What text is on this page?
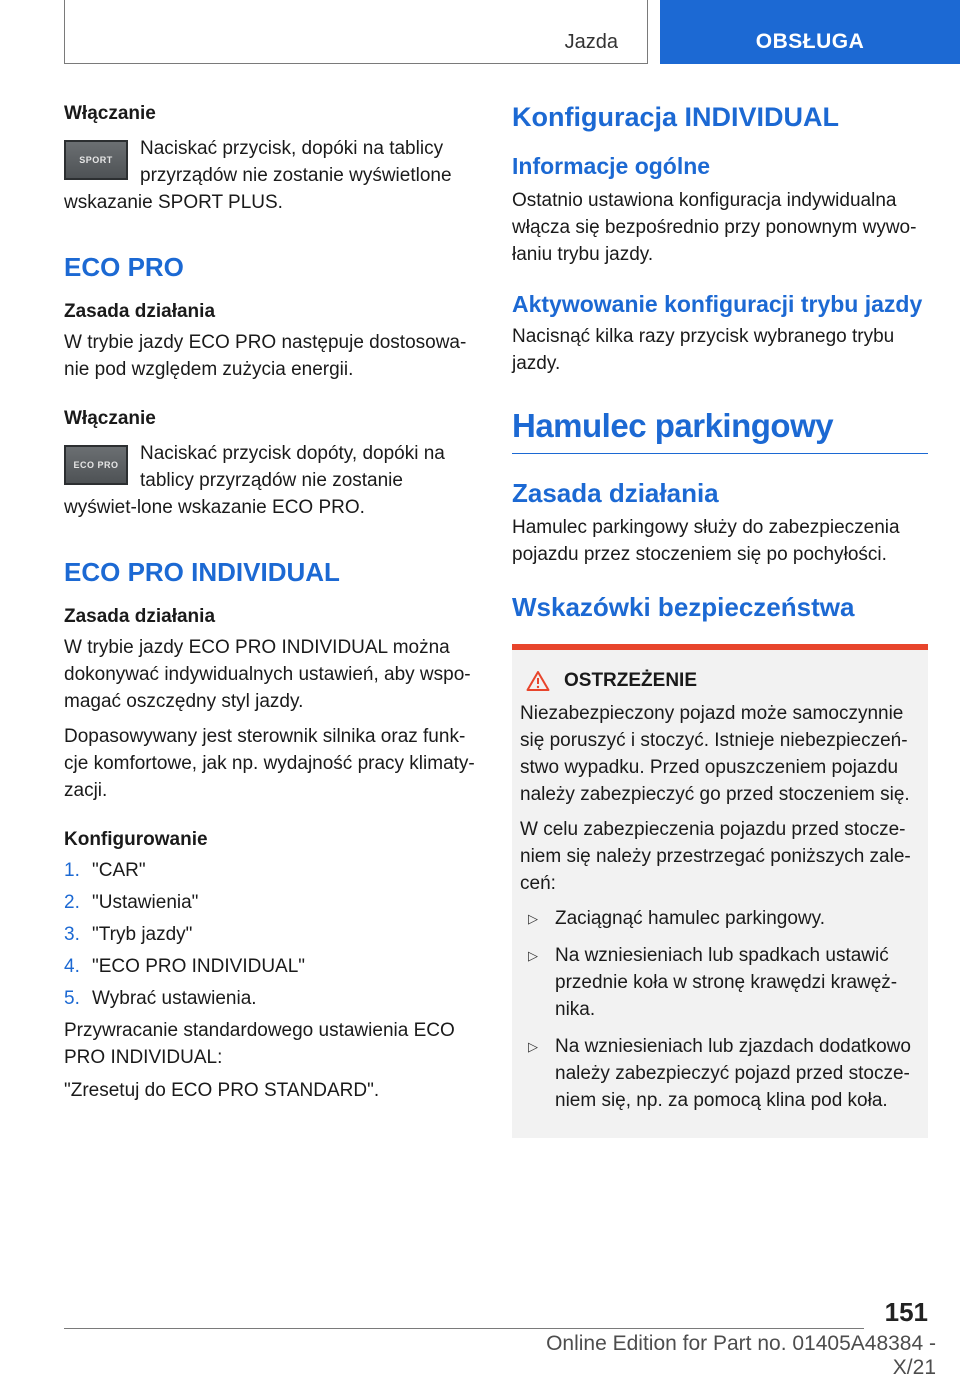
Jazda	OBSŁUGA
Włączanie
SPORT

Naciskać przycisk, dopóki na tablicy przyrządów nie zostanie wyświetlone wskazanie SPORT PLUS.

ECO PRO
Zasada działania

W trybie jazdy ECO PRO następuje dostosowa-nie pod względem zużycia energii.

Włączanie
ECO PRO

Naciskać przycisk dopóty, dopóki na tablicy przyrządów nie zostanie wyświet-lone wskazanie ECO PRO.

ECO PRO INDIVIDUAL
Zasada działania

W trybie jazdy ECO PRO INDIVIDUAL można dokonywać indywidualnych ustawień, aby wspo-magać oszczędny styl jazdy.

Dopasowywany jest sterownik silnika oraz funk-cje komfortowe, jak np. wydajność pracy klimaty-zacji.

Konfigurowanie
1. "CAR"
2. "Ustawienia"
3. "Tryb jazdy"
4. "ECO PRO INDIVIDUAL"
5. Wybrać ustawienia.

Przywracanie standardowego ustawienia ECO PRO INDIVIDUAL:

"Zresetuj do ECO PRO STANDARD".

Konfiguracja INDIVIDUAL
Informacje ogólne

Ostatnio ustawiona konfiguracja indywidualna włącza się bezpośrednio przy ponownym wywo-łaniu trybu jazdy.

Aktywowanie konfiguracji trybu jazdy

Nacisnąć kilka razy przycisk wybranego trybu jazdy.

Hamulec parkingowy
Zasada działania

Hamulec parkingowy służy do zabezpieczenia pojazdu przez stoczeniem się po pochyłości.

Wskazówki bezpieczeństwa
OSTRZEŻENIE

Niezabezpieczony pojazd może samoczynnie się poruszyć i stoczyć. Istnieje niebezpieczeń-stwo wypadku. Przed opuszczeniem pojazdu należy zabezpieczyć go przed stoczeniem się.

W celu zabezpieczenia pojazdu przed stocze-niem się należy przestrzegać poniższych zale-ceń:

▷ Zaciągnąć hamulec parkingowy.
▷ Na wzniesieniach lub spadkach ustawić przednie koła w stronę krawędzi krawęż-nika.
▷ Na wzniesieniach lub zjazdach dodatkowo należy zabezpieczyć pojazd przed stocze-niem się, np. za pomocą klina pod koła.
151
Online Edition for Part no. 01405A48384 - X/21
